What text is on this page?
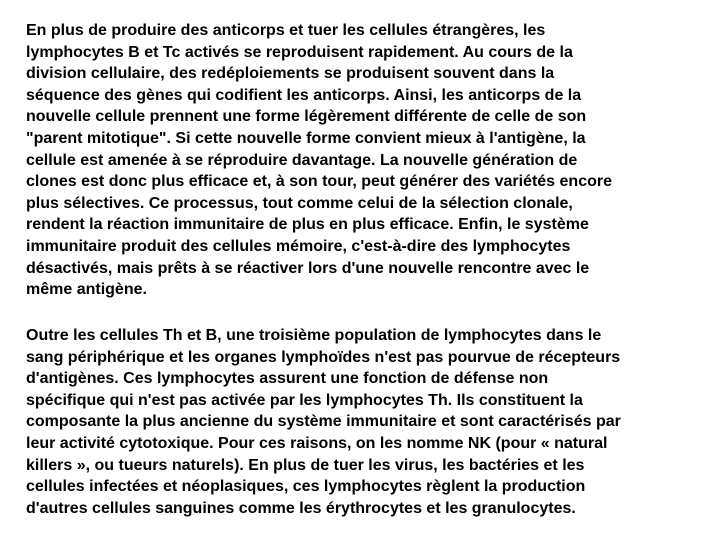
En plus de produire des anticorps et tuer les cellules étrangères, les
lymphocytes B et Tc activés se reproduisent rapidement. Au cours de la
division cellulaire, des redéploiements se produisent souvent dans la
séquence des gènes qui codifient les anticorps. Ainsi, les anticorps de la
nouvelle cellule prennent une forme légèrement différente de celle de son
"parent mitotique". Si cette nouvelle forme convient mieux à l'antigène, la
cellule est amenée à se réproduire davantage. La nouvelle génération de
clones est donc plus efficace et, à son tour, peut générer des variétés encore
plus sélectives. Ce processus, tout comme celui de la sélection clonale,
rendent la réaction immunitaire de plus en plus efficace. Enfin, le système
immunitaire produit des cellules mémoire, c'est-à-dire des lymphocytes
désactivés, mais prêts à se réactiver lors d'une nouvelle rencontre avec le
même antigène.
Outre les cellules Th et B, une troisième population de lymphocytes dans le
sang périphérique et les organes lymphoïdes n'est pas pourvue de récepteurs
d'antigènes. Ces lymphocytes assurent une fonction de défense non
spécifique qui n'est pas activée par les lymphocytes Th. Ils constituent la
composante la plus ancienne du système immunitaire et sont caractérisés par
leur activité cytotoxique. Pour ces raisons, on les nomme NK (pour « natural
killers », ou tueurs naturels). En plus de tuer les virus, les bactéries et les
cellules infectées et néoplasiques, ces lymphocytes règlent la production
d'autres cellules sanguines comme les érythrocytes et les granulocytes.
